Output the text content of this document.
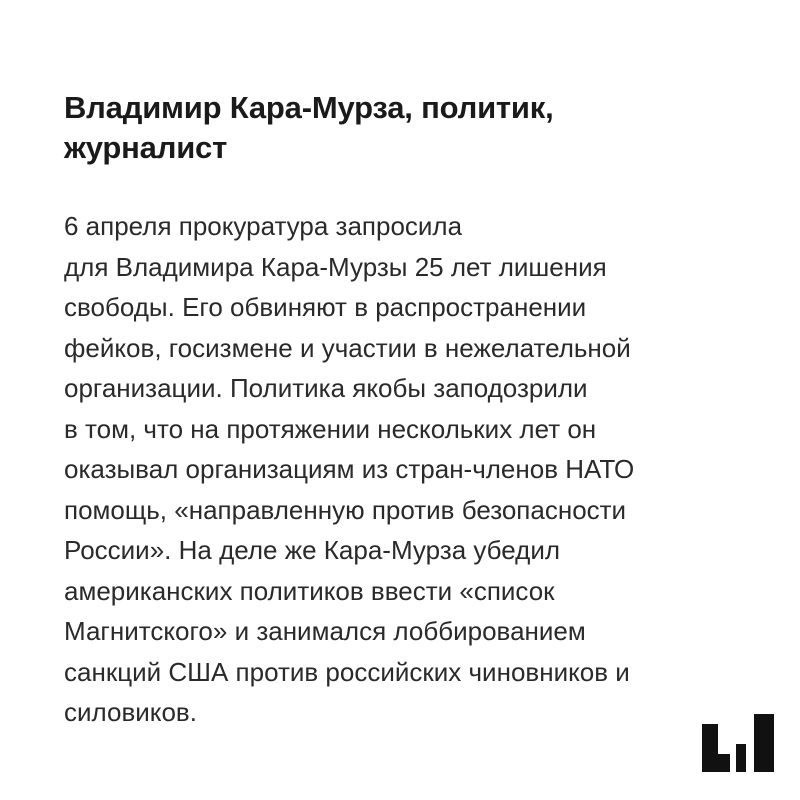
Владимир Кара-Мурза, политик,
журналист
6 апреля прокуратура запросила
для Владимира Кара-Мурзы 25 лет лишения
свободы. Его обвиняют в распространении
фейков, госизмене и участии в нежелательной
организации. Политика якобы заподозрили
в том, что на протяжении нескольких лет он
оказывал организациям из стран-членов НАТО
помощь, «направленную против безопасности
России». На деле же Кара-Мурза убедил
американских политиков ввести «список
Магнитского» и занимался лоббированием
санкций США против российских чиновников и
силовиков.
